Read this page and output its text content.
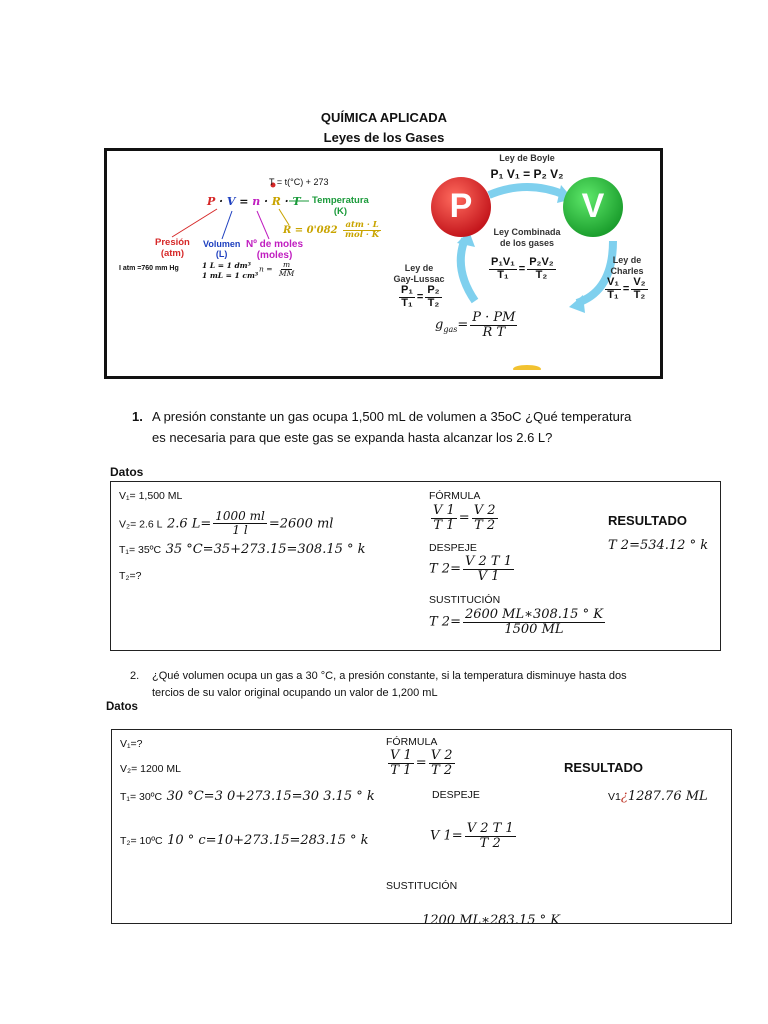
QUÍMICA APLICADA
Leyes de los Gases
T = t(°C) + 273
P · V = n · R · T Temperatura
(K)
Presión
(atm)
Volumen
(L)
Nº de moles
(moles)
$R = 0'082 \frac{\text{atm · L}}{\text{mol · K}}$
I atm =760 mm Hg	1 L = 1 dm³
1 mL = 1 cm³
$n = \frac{m}{MM}$
P	V
Ley de Boyle
P₁ V₁ = P₂ V₂
Ley Combinada
de los gases
$\frac{\text{P₁V₁}}{\text{T₁}} = \frac{\text{P₂V₂}}{\text{T₂}}$
Ley de
Gay-Lussac
$\frac{\text{P₁}}{\text{T₁}} = \frac{\text{P₂}}{\text{T₂}}$
Ley de
Charles
$\frac{\text{V₁}}{\text{T₁}} = \frac{\text{V₂}}{\text{T₂}}$
$g_{gas}= \frac{P \cdot PM}{\text{R T}}$
1. A presión constante un gas ocupa 1,500 mL de volumen a 35oC ¿Qué temperatura
es necesaria para que este gas se expanda hasta alcanzar los 2.6 L?
Datos
V₁= 1,500 ML
V₂= 2.6 L 2.6 $L= \frac{1000 ml}{1 l} =2600$ ml
T₁= 35ºC 35 °C=35+273.15=308.15 ° k
T₂=?
FÓRMULA
$\frac{V 1}{T 1} = \frac{V 2}{T 2}$
DESPEJE
T $2= \frac{V 2 T 1}{V 1}$
SUSTITUCIÓN
T $2= \frac{2600 ML∗308.15 ^\circ K}{1500 ML}$
RESULTADO
T 2=534.12 ° k
2. ¿Qué volumen ocupa un gas a 30 °C, a presión constante, si la temperatura disminuye hasta dos
tercios de su valor original ocupando un valor de 1,200 mL
Datos
V₁=?
V₂= 1200 ML
T₁= 30ºC 30 °C=3 0+273.15=30 3.15 ° k
T₂= 10ºC 10 ° c=10+273.15=283.15 ° k
FÓRMULA
$\frac{V 1}{T 1} = \frac{V 2}{T 2}$
DESPEJE
V $1= \frac{V 2 T 1}{T 2}$
SUSTITUCIÓN
1200 ML∗283.15 ° K
RESULTADO
V1¿1287.76 ML
